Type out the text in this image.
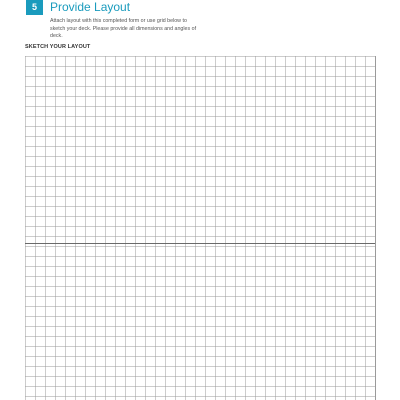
5	Provide Layout
Attach layout with this completed form or use grid below to sketch your deck. Please provide all dimensions and angles of deck.
SKETCH YOUR LAYOUT
